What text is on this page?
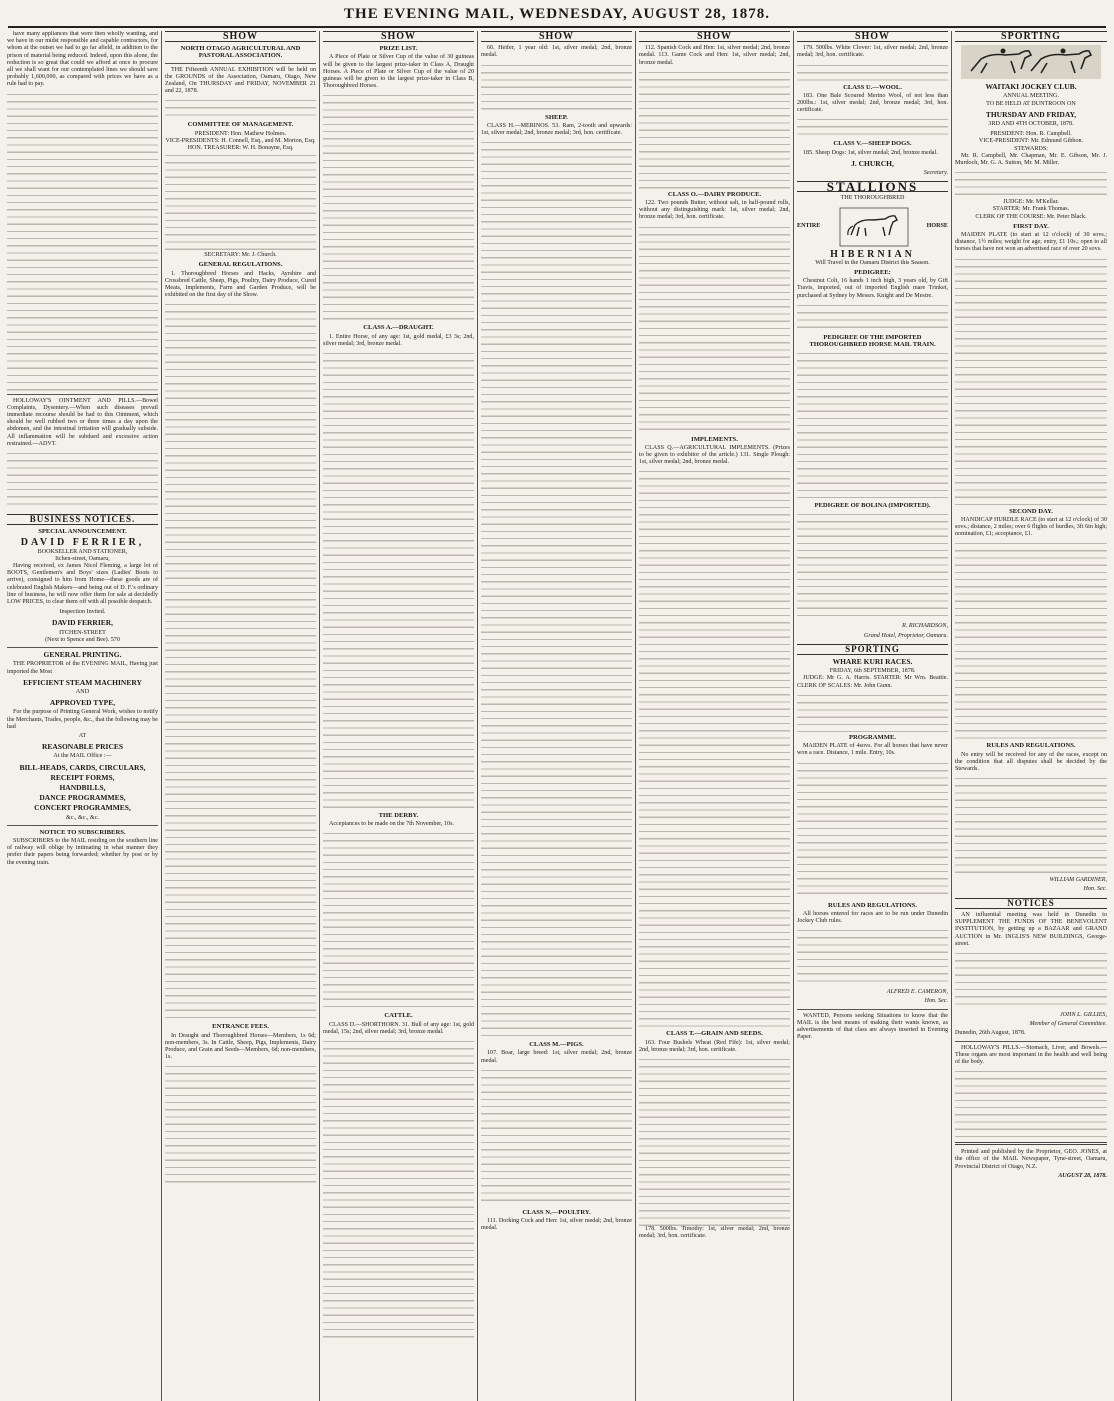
THE EVENING MAIL, WEDNESDAY, AUGUST 28, 1878.

have many appliances that were then wholly wanting, and we have in our midst responsible and capable contractors, for whom at the outset we had to go far afield, in addition to the prison of material being reduced. Indeed, upon this alone, the reduction is so great that could we afford at once to procure all we shall want for our contemplated lines we should save probably 1,600,000, as compared with prices we have as a rule had to pay.

HOLLOWAY'S OINTMENT AND PILLS.—Bowel Complaints, Dysentery.—When such diseases prevail immediate recourse should be had to this Ointment, which should be well rubbed two or three times a day upon the abdomen, and the intestinal irritation will gradually subside. All inflammation will be subdued and excessive action restrained.—ADVT.

BUSINESS NOTICES.
SPECIAL ANNOUNCEMENT.
DAVID FERRIER,
BOOKSELLER AND STATIONER,
Itchen-street, Oamaru,

Having received, ex James Nicol Fleming, a large lot of BOOTS, Gentlemen's and Boys' sizes (Ladies' Boots to arrive), consigned to him from Home—these goods are of celebrated English Makers—and being out of D. F.'s ordinary line of business, he will now offer them for sale at decidedly LOW PRICES, to clear them off with all possible despatch.

Inspection Invited.
DAVID FERRIER,
ITCHEN-STREET
(Next to Spence and Bee). 570
GENERAL PRINTING.

THE PROPRIETOR of the EVENING MAIL, Having just imported the Most

EFFICIENT STEAM MACHINERY
AND
APPROVED TYPE,

For the purpose of Printing General Work, wishes to notify the Merchants, Trades, people, &c., that the following may be had

AT
REASONABLE PRICES
At the MAIL Office :—
BILL-HEADS, CARDS, CIRCULARS,
RECEIPT FORMS,
HANDBILLS,
DANCE PROGRAMMES,
CONCERT PROGRAMMES,
&c., &c., &c.
NOTICE TO SUBSCRIBERS.

SUBSCRIBERS to the MAIL residing on the southern line of railway will oblige by intimating in what manner they prefer their papers being forwarded; whether by post or by the evening train.

SHOW
NORTH OTAGO AGRICULTURAL AND PASTORAL ASSOCIATION.

THE Fifteenth ANNUAL EXHIBITION will be held on the GROUNDS of the Association, Oamaru, Otago, New Zealand, On THURSDAY and FRIDAY, NOVEMBER 21 and 22, 1878.

COMMITTEE OF MANAGEMENT.
PRESIDENT: Hon. Mathew Holmes.
VICE-PRESIDENTS: H. Connell, Esq., and M. Morton, Esq.
HON. TREASURER: W. H. Bonayne, Esq.
SECRETARY: Mr. J. Church.
GENERAL REGULATIONS.

1. Thoroughbred Horses and Hacks, Ayrshire and Crossbred Cattle, Sheep, Pigs, Poultry, Dairy Produce, Cured Meats, Implements, Farm and Garden Produce, will be exhibited on the first day of the Show.

ENTRANCE FEES.

In Draught and Thoroughbred Horses—Members, 1s 6d; non-members, 3s. In Cattle, Sheep, Pigs, Implements, Dairy Produce, and Grain and Seeds—Members, 6d; non-members, 1s.

SHOW
PRIZE LIST.

A Piece of Plate or Silver Cup of the value of 30 guineas will be given to the largest prize-taker in Class A, Draught Horses. A Piece of Plate or Silver Cup of the value of 20 guineas will be given to the largest prize-taker in Class B, Thoroughbred Horses.

CLASS A.—DRAUGHT.

1. Entire Horse, of any age: 1st, gold medal, £3 3s; 2nd, silver medal; 3rd, bronze medal.

THE DERBY.

Acceptances to be made on the 7th November, 10s.

CATTLE.

CLASS D.—SHORTHORN. 31. Bull of any age: 1st, gold medal, 15s; 2nd, silver medal; 3rd, bronze medal.

SHOW

60. Heifer, 1 year old: 1st, silver medal; 2nd, bronze medal.

SHEEP.

CLASS H.—MERINOS. 53. Ram, 2-tooth and upwards: 1st, silver medal; 2nd, bronze medal; 3rd, hon. certificate.

CLASS M.—PIGS.

107. Boar, large breed: 1st, silver medal; 2nd, bronze medal.

CLASS N.—POULTRY.

111. Dorking Cock and Hen: 1st, silver medal; 2nd, bronze medal.

SHOW

112. Spanish Cock and Hen: 1st, silver medal; 2nd, bronze medal. 113. Game Cock and Hen: 1st, silver medal; 2nd, bronze medal.

CLASS O.—DAIRY PRODUCE.

122. Two pounds Butter, without salt, in half-pound rolls, without any distinguishing mark: 1st, silver medal; 2nd, bronze medal; 3rd, hon. certificate.

IMPLEMENTS.

CLASS Q.—AGRICULTURAL IMPLEMENTS. (Prizes to be given to exhibitor of the article.) 131. Single Plough: 1st, silver medal; 2nd, bronze medal.

CLASS T.—GRAIN AND SEEDS.

163. Four Bushels Wheat (Red Fife): 1st, silver medal; 2nd, bronze medal; 3rd, hon. certificate.

178. 500lbs. Timothy: 1st, silver medal; 2nd, bronze medal; 3rd, hon. certificate.

SHOW

179. 500lbs. White Clover: 1st, silver medal; 2nd, bronze medal; 3rd, hon. certificate.

CLASS U.—WOOL.

183. One Bale Scoured Merino Wool, of not less than 200lbs.: 1st, silver medal; 2nd, bronze medal; 3rd, hon. certificate.

CLASS V.—SHEEP DOGS.

185. Sheep Dogs: 1st, silver medal; 2nd, bronze medal.

J. CHURCH,
Secretary.
STALLIONS
THE THOROUGHBRED
ENTIRE	HORSE
HIBERNIAN
Will Travel in the Oamaru District this Season.
PEDIGREE:

Chestnut Colt, 16 hands 1 inch high, 3 years old, by Gift Travis, imported, out of imported English mare Trinket, purchased at Sydney by Messrs. Knight and De Mestre.

PEDIGREE OF THE IMPORTED THOROUGHBRED HORSE MAIL TRAIN.
PEDIGREE OF BOLINA (IMPORTED).
R. RICHARDSON,
Grand Hotel, Proprietor, Oamaru.
SPORTING
WHARE KURI RACES.
FRIDAY, 6th SEPTEMBER, 1878.

JUDGE: Mr G. A. Harris. STARTER: Mr Wm. Beattie. CLERK OF SCALES: Mr. John Gunn.

PROGRAMME.

MAIDEN PLATE of 4sovs. For all horses that have never won a race. Distance, 1 mile. Entry, 10s.

RULES AND REGULATIONS.

All horses entered for races are to be run under Dunedin Jockey Club rules.

ALFRED E. CAMERON,
Hon. Sec.

WANTED, Persons seeking Situations to know that the MAIL is the best means of making their wants known, as advertisements of that class are always inserted in Evening Paper.

SPORTING
WAITAKI JOCKEY CLUB.
ANNUAL MEETING.
TO BE HELD AT DUNTROON ON
THURSDAY AND FRIDAY,
3RD AND 4TH OCTOBER, 1878.
PRESIDENT: Hon. R. Campbell.
VICE-PRESIDENT: Mr. Edmund Gibbon.
STEWARDS:

Mr. R. Campbell, Mr. Chapman, Mr. E. Gibson, Mr. J. Murdoch, Mr. G. A. Sutton, Mr. M. Miller.

JUDGE: Mr. M'Kellar.
STARTER: Mr. Frank Thomas.
CLERK OF THE COURSE: Mr. Peter Black.
FIRST DAY.

MAIDEN PLATE (to start at 12 o'clock) of 30 sovs.; distance, 1½ miles; weight for age; entry, £1 10s.; open to all horses that have not won an advertised race of over 20 sovs.

SECOND DAY.

HANDICAP HURDLE RACE (to start at 12 o'clock) of 30 sovs.; distance, 2 miles; over 6 flights of hurdles, 3ft 6in high; nomination, £1; acceptance, £1.

RULES AND REGULATIONS.

No entry will be received for any of the races, except on the condition that all disputes shall be decided by the Stewards.

WILLIAM GARDINER,
Hon. Sec.
NOTICES

AN influential meeting was held in Dunedin to SUPPLEMENT THE FUNDS OF THE BENEVOLENT INSTITUTION, by getting up a BAZAAR and GRAND AUCTION in Mr. INGLIS'S NEW BUILDINGS, George-street.

JOHN L. GILLIES,
Member of General Committee.
Dunedin, 26th August, 1878.

HOLLOWAY'S PILLS.—Stomach, Liver, and Bowels.—These organs are most important in the health and well being of the body.

Printed and published by the Proprietor, GEO. JONES, at the office of the MAIL Newspaper, Tyne-street, Oamaru, Provincial District of Otago, N.Z.

AUGUST 28, 1878.
